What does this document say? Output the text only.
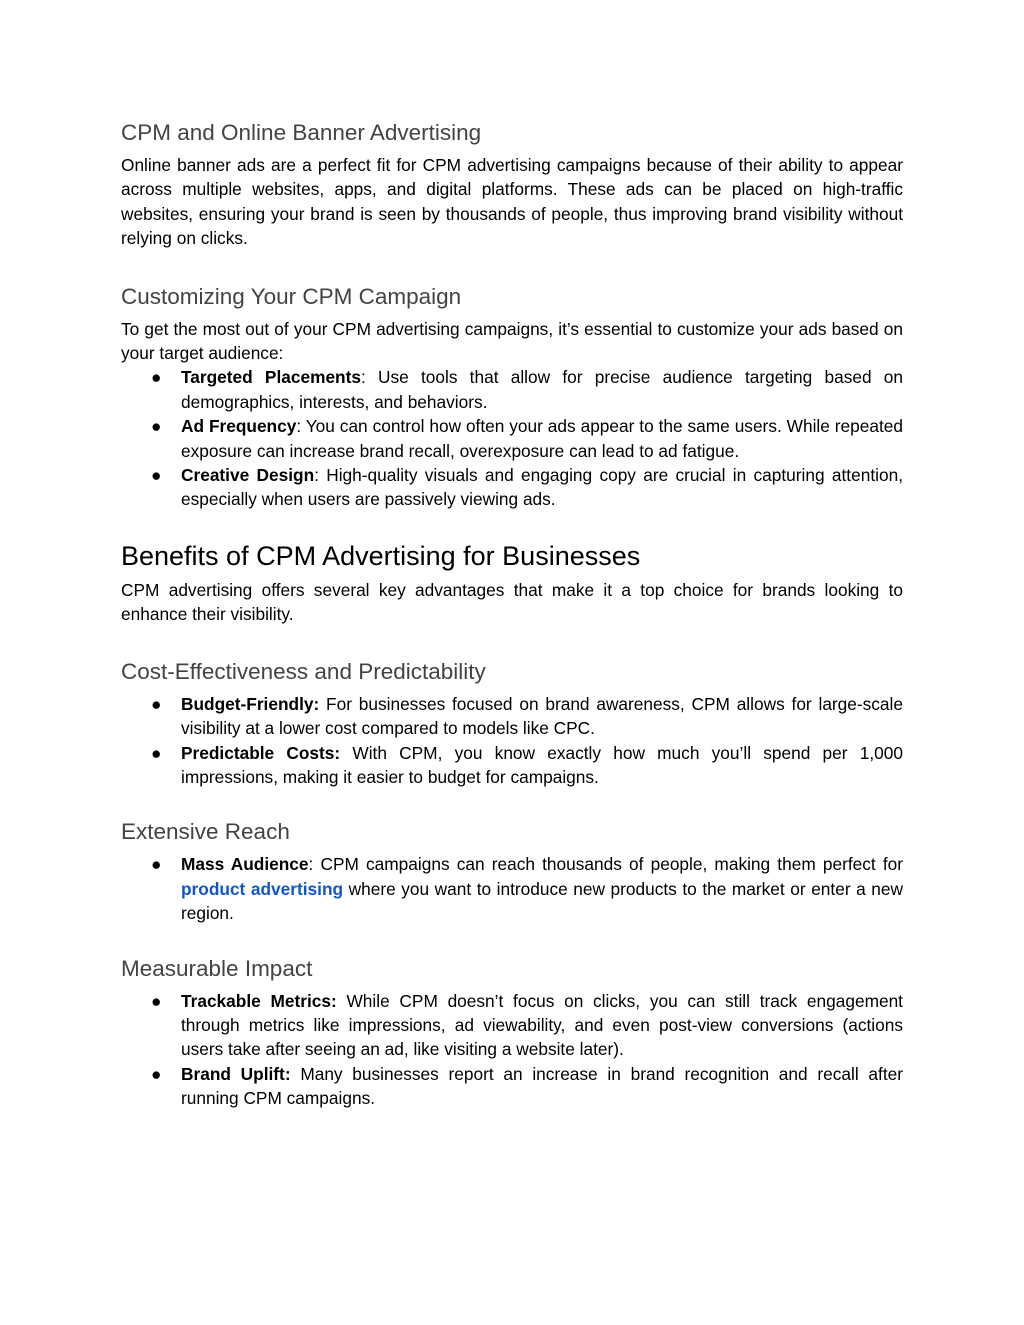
CPM and Online Banner Advertising

Online banner ads are a perfect fit for CPM advertising campaigns because of their ability to appear across multiple websites, apps, and digital platforms. These ads can be placed on high-traffic websites, ensuring your brand is seen by thousands of people, thus improving brand visibility without relying on clicks.

Customizing Your CPM Campaign

To get the most out of your CPM advertising campaigns, it’s essential to customize your ads based on your target audience:

● Targeted Placements: Use tools that allow for precise audience targeting based on demographics, interests, and behaviors.
● Ad Frequency: You can control how often your ads appear to the same users. While repeated exposure can increase brand recall, overexposure can lead to ad fatigue.
● Creative Design: High-quality visuals and engaging copy are crucial in capturing attention, especially when users are passively viewing ads.
Benefits of CPM Advertising for Businesses

CPM advertising offers several key advantages that make it a top choice for brands looking to enhance their visibility.

Cost-Effectiveness and Predictability
● Budget-Friendly: For businesses focused on brand awareness, CPM allows for large-scale visibility at a lower cost compared to models like CPC.
● Predictable Costs: With CPM, you know exactly how much you’ll spend per 1,000 impressions, making it easier to budget for campaigns.
Extensive Reach
● Mass Audience: CPM campaigns can reach thousands of people, making them perfect for product advertising where you want to introduce new products to the market or enter a new region.
Measurable Impact
● Trackable Metrics: While CPM doesn’t focus on clicks, you can still track engagement through metrics like impressions, ad viewability, and even post-view conversions (actions users take after seeing an ad, like visiting a website later).
● Brand Uplift: Many businesses report an increase in brand recognition and recall after running CPM campaigns.
